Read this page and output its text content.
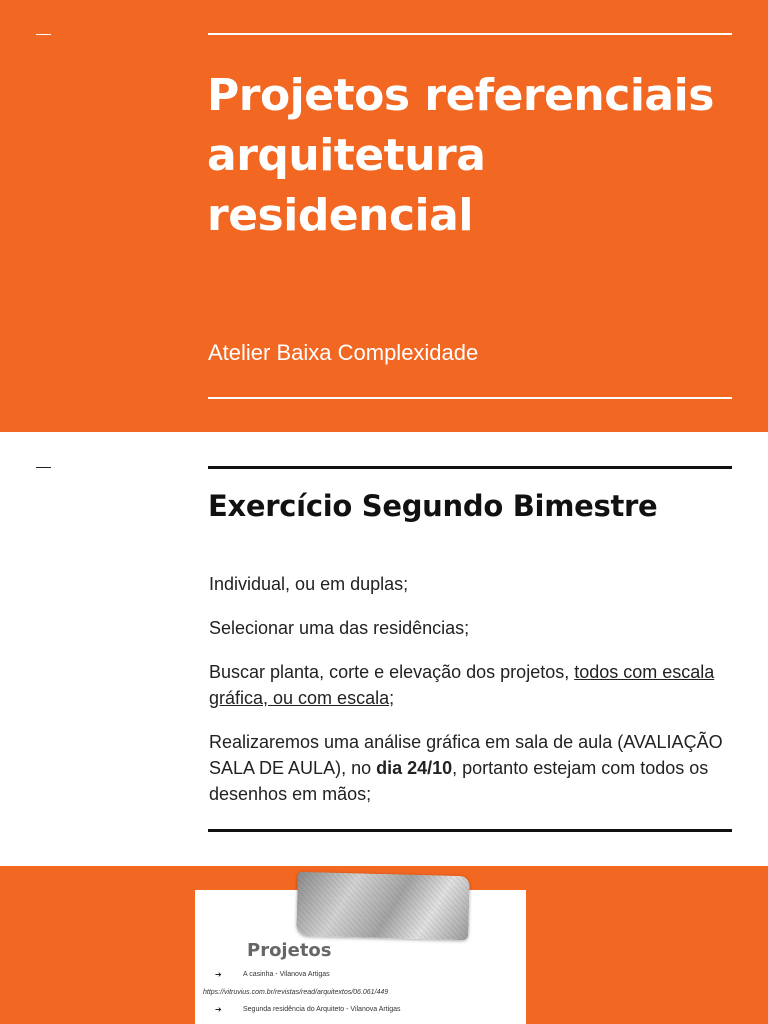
Projetos referenciais
arquitetura
residencial

Atelier Baixa Complexidade

Exercício Segundo Bimestre

Individual, ou em duplas;

Selecionar uma das residências;

Buscar planta, corte e elevação dos projetos, todos com escala gráfica, ou com escala;

Realizaremos uma análise gráfica em sala de aula (AVALIAÇÃO SALA DE AULA), no dia 24/10, portanto estejam com todos os desenhos em mãos;

Projetos
➔	A casinha - Vilanova Artigas
https://vitruvius.com.br/revistas/read/arquitextos/06.061/449
➔	Segunda residência do Arquiteto - Vilanova Artigas
